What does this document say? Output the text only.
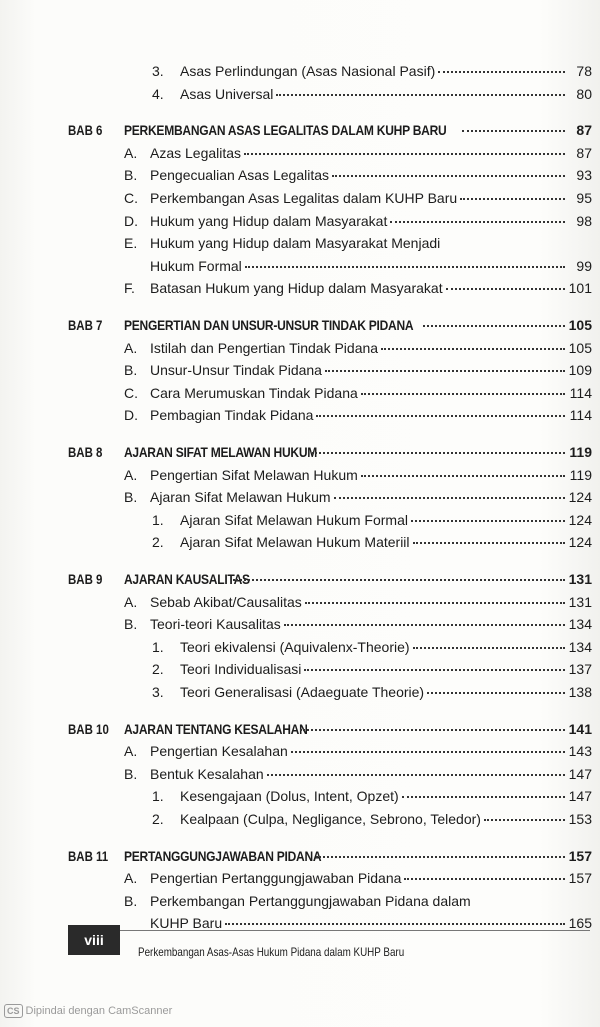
3.	Asas Perlindungan (Asas Nasional Pasif)	78
4.	Asas Universal	80
BAB 6	PERKEMBANGAN ASAS LEGALITAS DALAM KUHP BARU	87
A. Azas Legalitas	87
B. Pengecualian Asas Legalitas	93
C. Perkembangan Asas Legalitas dalam KUHP Baru	95
D. Hukum yang Hidup dalam Masyarakat	98
E. Hukum yang Hidup dalam Masyarakat Menjadi
Hukum Formal	99
F.	Batasan Hukum yang Hidup dalam Masyarakat	101
BAB 7	PENGERTIAN DAN UNSUR-UNSUR TINDAK PIDANA	105
A. Istilah dan Pengertian Tindak Pidana	105
B. Unsur-Unsur Tindak Pidana	109
C. Cara Merumuskan Tindak Pidana	114
D. Pembagian Tindak Pidana	114
BAB 8	AJARAN SIFAT MELAWAN HUKUM	119
A. Pengertian Sifat Melawan Hukum	119
B. Ajaran Sifat Melawan Hukum	124
1.	Ajaran Sifat Melawan Hukum Formal	124
2.	Ajaran Sifat Melawan Hukum Materiil	124
BAB 9	AJARAN KAUSALITAS	131
A. Sebab Akibat/Causalitas	131
B. Teori-teori Kausalitas	134
1.	Teori ekivalensi (Aquivalenx-Theorie)	134
2.	Teori Individualisasi	137
3.	Teori Generalisasi (Adaeguate Theorie)	138
BAB 10	AJARAN TENTANG KESALAHAN	141
A. Pengertian Kesalahan	143
B. Bentuk Kesalahan	147
1.	Kesengajaan (Dolus, Intent, Opzet)	147
2.	Kealpaan (Culpa, Negligance, Sebrono, Teledor)	153
BAB 11	PERTANGGUNGJAWABAN PIDANA	157
A. Pengertian Pertanggungjawaban Pidana	157
B. Perkembangan Pertanggungjawaban Pidana dalam
KUHP Baru	165
viii
Perkembangan Asas-Asas Hukum Pidana dalam KUHP Baru
CS Dipindai dengan CamScanner
